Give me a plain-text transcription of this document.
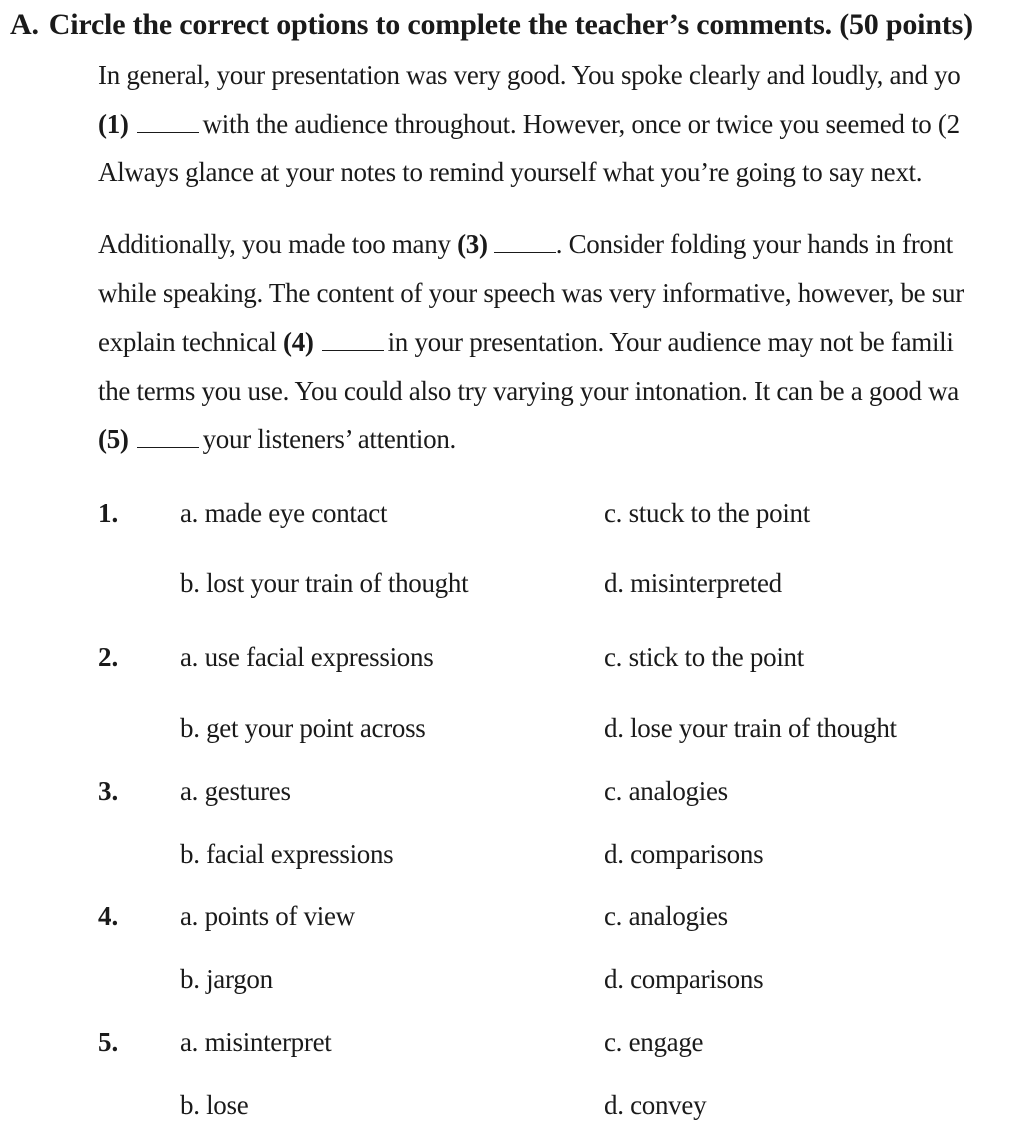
A. Circle the correct options to complete the teacher’s comments. (50 points)
In general, your presentation was very good. You spoke clearly and loudly, and yo
(1)	with the audience throughout. However, once or twice you seemed to (2
Always glance at your notes to remind yourself what you’re going to say next.
Additionally, you made too many (3)	. Consider folding your hands in front
while speaking. The content of your speech was very informative, however, be sur
explain technical (4)	in your presentation. Your audience may not be famili
the terms you use. You could also try varying your intonation. It can be a good wa
(5)	your listeners’ attention.
1. a. made eye contact	c. stuck to the point
b. lost your train of thought	d. misinterpreted
2. a. use facial expressions	c. stick to the point
b. get your point across	d. lose your train of thought
3. a. gestures	c. analogies
b. facial expressions	d. comparisons
4. a. points of view	c. analogies
b. jargon	d. comparisons
5. a. misinterpret	c. engage
b. lose	d. convey
